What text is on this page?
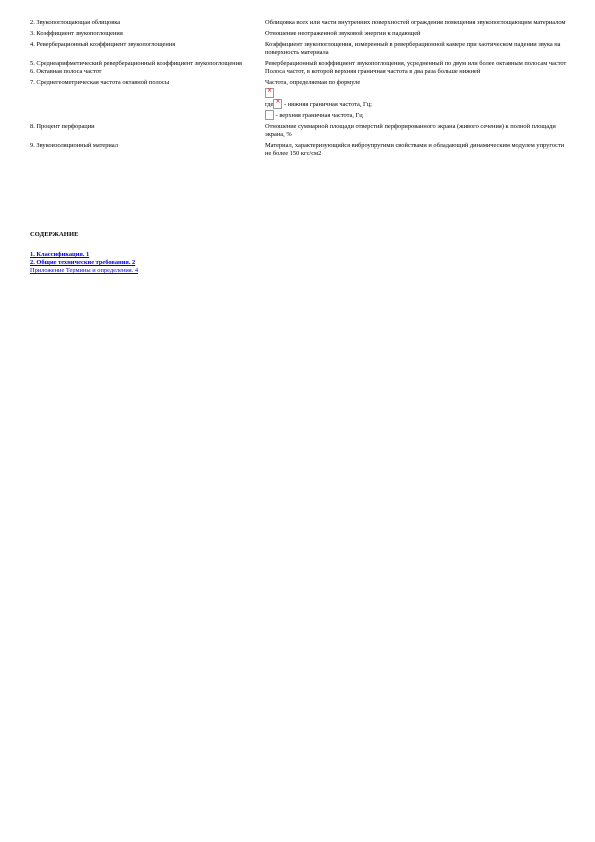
2. Звукопоглощающая облицовка	Облицовка всех или части внутренних поверхностей ограждения помещения звукопоглощающим материалом
3. Коэффициент звукопоглощения	Отношение неотраженной звуковой энергии к падающей
4. Реверберационный коэффициент звукопоглощения	Коэффициент звукопоглощения, измеренный в реверберационной камере при хаотическом падении звука на поверхность материала
5. Среднеарифметический реверберационный коэффициент звукопоглощения	Реверберационный коэффициент звукопоглощения, усредненный по двум или более октавным полосам частот
6. Октавная полоса частот	Полоса частот, в которой верхняя граничная частота в два раза больше нижней
7. Среднегеометрическая частота октавной полосы	Частота, определяемая по формуле
×
где× - нижняя граничная частота, Гц;
- верхняя граничная частота, Гц

8. Процент перфорации	Отношение суммарной площади отверстий перфорированного экрана (живого сечения) к полной площади экрана, %
9. Звукоизоляционный материал	Материал, характеризующийся виброупругими свойствами и обладающий динамическим модулем упругости не более 150 кгс/см2
СОДЕРЖАНИЕ
1. Классификация. 1
2. Общие технические требования. 2
Приложение Термины и определения. 4
